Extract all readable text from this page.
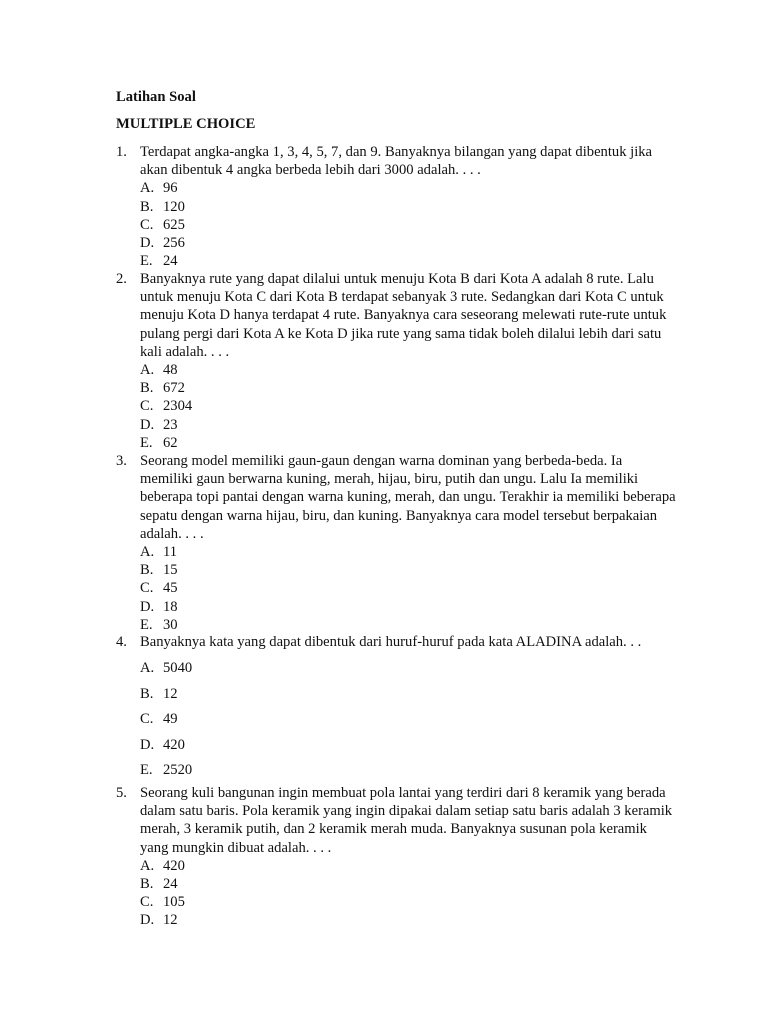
Latihan Soal
MULTIPLE CHOICE
1. Terdapat angka-angka 1, 3, 4, 5, 7, dan 9. Banyaknya bilangan yang dapat dibentuk jika akan dibentuk 4 angka berbeda lebih dari 3000 adalah. . . .
A. 96
B. 120
C. 625
D. 256
E. 24
2. Banyaknya rute yang dapat dilalui untuk menuju Kota B dari Kota A adalah 8 rute. Lalu untuk menuju Kota C dari Kota B terdapat sebanyak 3 rute. Sedangkan dari Kota C untuk menuju Kota D hanya terdapat 4 rute. Banyaknya cara seseorang melewati rute-rute untuk pulang pergi dari Kota A ke Kota D jika rute yang sama tidak boleh dilalui lebih dari satu kali adalah. . . .
A. 48
B. 672
C. 2304
D. 23
E. 62
3. Seorang model memiliki gaun-gaun dengan warna dominan yang berbeda-beda. Ia memiliki gaun berwarna kuning, merah, hijau, biru, putih dan ungu. Lalu Ia memiliki beberapa topi pantai dengan warna kuning, merah, dan ungu. Terakhir ia memiliki beberapa sepatu dengan warna hijau, biru, dan kuning. Banyaknya cara model tersebut berpakaian adalah. . . .
A. 11
B. 15
C. 45
D. 18
E. 30
4. Banyaknya kata yang dapat dibentuk dari huruf-huruf pada kata ALADINA adalah. . .
A. 5040
B. 12
C. 49
D. 420
E. 2520
5. Seorang kuli bangunan ingin membuat pola lantai yang terdiri dari 8 keramik yang berada dalam satu baris. Pola keramik yang ingin dipakai dalam setiap satu baris adalah 3 keramik merah, 3 keramik putih, dan 2 keramik merah muda. Banyaknya susunan pola keramik yang mungkin dibuat adalah. . . .
A. 420
B. 24
C. 105
D. 12
